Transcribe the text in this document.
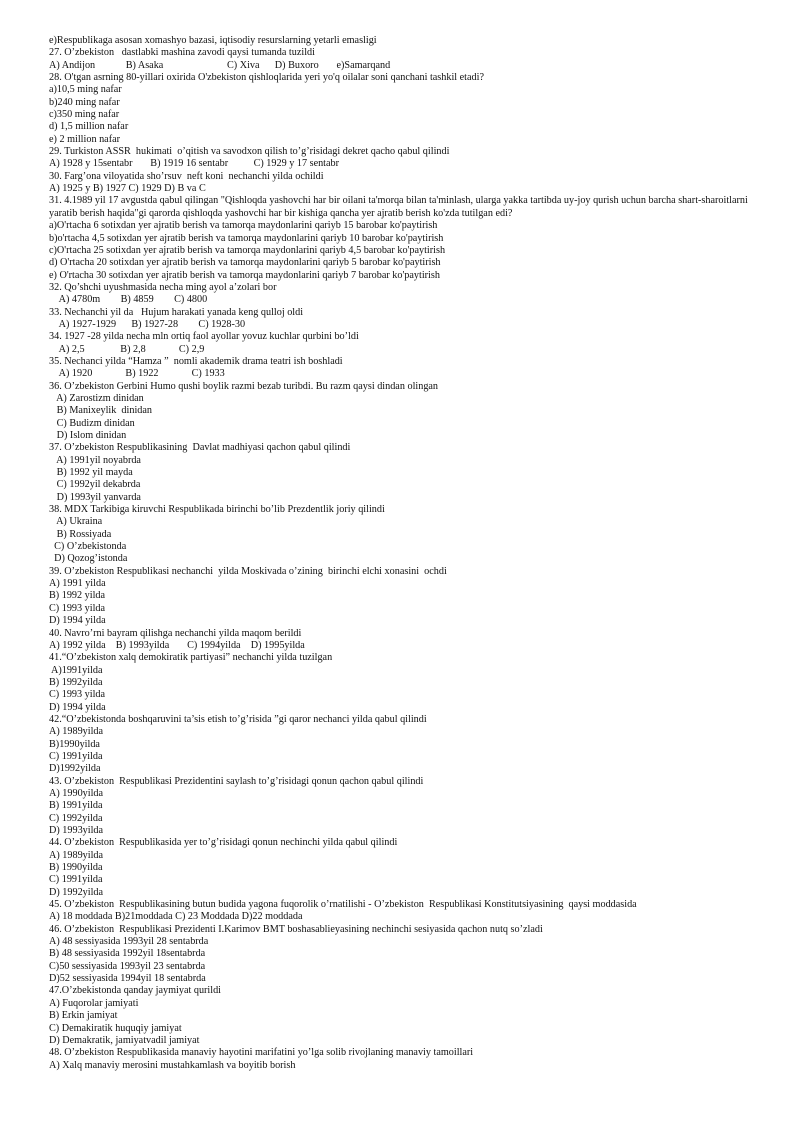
e)Respublikaga asosan xomashyo bazasi, iqtisodiy resurslarning yetarli emasligi
27. O’zbekiston   dastlabki mashina zavodi qaysi tumanda tuzildi
A) Andijon            B) Asaka                         C) Xiva      D) Buxoro       e)Samarqand
28. O'tgan asrning 80-yillari oxirida O'zbekiston qishloqlarida yeri yo'q oilalar soni qanchani tashkil etadi?
a)10,5 ming nafar
b)240 ming nafar
c)350 ming nafar
d) 1,5 million nafar
e) 2 million nafar
29. Turkiston ASSR  hukimati  o’qitish va savodxon qilish to’g’risidagi dekret qacho qabul qilindi
A) 1928 y 15sentabr       B) 1919 16 sentabr          C) 1929 y 17 sentabr
30. Farg’ona viloyatida sho’rsuv  neft koni  nechanchi yilda ochildi
A) 1925 y B) 1927 C) 1929 D) B va C
31. 4.1989 yil 17 avgustda qabul qilingan "Qishloqda yashovchi har bir oilani ta'morqa bilan ta'minlash, ularga yakka tartibda uy-joy qurish uchun barcha shart-sharoitlarni yaratib berish haqida"gi qarorda qishloqda yashovchi har bir kishiga qancha yer ajratib berish ko'zda tutilgan edi?
a)O'rtacha 6 sotixdan yer ajratib berish va tamorqa maydonlarini qariyb 15 barobar ko'paytirish
b)o'rtacha 4,5 sotixdan yer ajratib berish va tamorqa maydonlarini qariyb 10 barobar ko'paytirish
c)O'rtacha 25 sotixdan yer ajratib berish va tamorqa maydonlarini qariyb 4,5 barobar ko'paytirish
d) O'rtacha 20 sotixdan yer ajratib berish va tamorqa maydonlarini qariyb 5 barobar ko'paytirish
e) O'rtacha 30 sotixdan yer ajratib berish va tamorqa maydonlarini qariyb 7 barobar ko'paytirish
32. Qo’shchi uyushmasida necha ming ayol a’zolari bor
A) 4780m        B) 4859        C) 4800
33. Nechanchi yil da   Hujum harakati yanada keng qulloj oldi
A) 1927-1929      B) 1927-28        C) 1928-30
34. 1927 -28 yilda necha mln ortiq faol ayollar yovuz kuchlar qurbini bo’ldi
A) 2,5              B) 2,8             C) 2,9
35. Nechanci yilda “Hamza ”  nomli akademik drama teatri ish boshladi
A) 1920             B) 1922             C) 1933
36. O’zbekiston Gerbini Humo qushi boylik razmi bezab turibdi. Bu razm qaysi dindan olingan
A) Zarostizm dinidan
B) Manixeylik  dinidan
C) Budizm dinidan
D) Islom dinidan
37. O’zbekiston Respublikasining  Davlat madhiyasi qachon qabul qilindi
A) 1991yil noyabrda
B) 1992 yil mayda
C) 1992yil dekabrda
D) 1993yil yanvarda
38. MDX Tarkibiga kiruvchi Respublikada birinchi bo’lib Prezdentlik joriy qilindi
A) Ukraina
B) Rossiyada
C) O’zbekistonda
D) Qozog’istonda
39. O’zbekiston Respublikasi nechanchi  yilda Moskivada o’zining  birinchi elchi xonasini  ochdi
A) 1991 yilda
B) 1992 yilda
C) 1993 yilda
D) 1994 yilda
40. Navro’rni bayram qilishga nechanchi yilda maqom berildi
A) 1992 yilda    B) 1993yilda       C) 1994yilda    D) 1995yilda
41.“O’zbekiston xalq demokiratik partiyasi” nechanchi yilda tuzilgan
A)1991yilda
B) 1992yilda
C) 1993 yilda
D) 1994 yilda
42.“O’zbekistonda boshqaruvini ta’sis etish to’g’risida ”gi qaror nechanci yilda qabul qilindi
A) 1989yilda
B)1990yilda
C) 1991yilda
D)1992yilda
43. O’zbekiston  Respublikasi Prezidentini saylash to’g’risidagi qonun qachon qabul qilindi
A) 1990yilda
B) 1991yilda
C) 1992yilda
D) 1993yilda
44. O’zbekiston  Respublikasida yer to’g’risidagi qonun nechinchi yilda qabul qilindi
A) 1989yilda
B) 1990yilda
C) 1991yilda
D) 1992yilda
45. O’zbekiston  Respublikasining butun budida yagona fuqorolik o’rnatilishi - O’zbekiston  Respublikasi Konstitutsiyasining  qaysi moddasida
A) 18 moddada B)21moddada C) 23 Moddada D)22 moddada
46. O’zbekiston  Respublikasi Prezidenti I.Karimov BMT boshasablieyasining nechinchi sesiyasida qachon nutq so’zladi
A) 48 sessiyasida 1993yil 28 sentabrda
B) 48 sessiyasida 1992yil 18sentabrda
C)50 sessiyasida 1993yil 23 sentabrda
D)52 sessiyasida 1994yil 18 sentabrda
47.O’zbekistonda qanday jaymiyat qurildi
A) Fuqorolar jamiyati
B) Erkin jamiyat
C) Demakiratik huquqiy jamiyat
D) Demakratik, jamiyatvadil jamiyat
48. O’zbekiston Respublikasida manaviy hayotini marifatini yo’lga solib rivojlaning manaviy tamoillari
A) Xalq manaviy merosini mustahkamlash va boyitib borish
